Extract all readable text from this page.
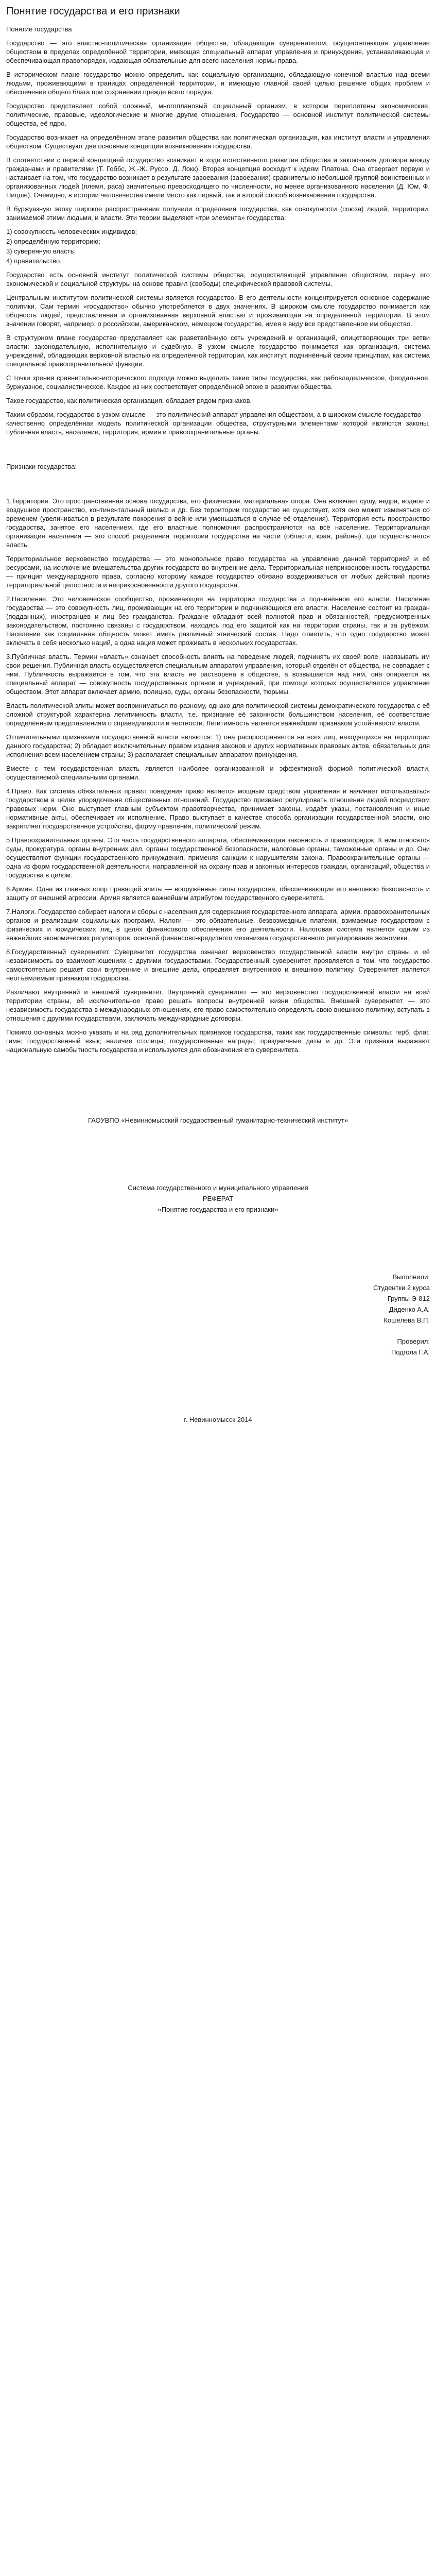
Понятие государства и его признаки

Понятие государства

Государство — это властно-политическая организация общества, обладающая суверенитетом, осуществляющая управление обществом в пределах определённой территории, имеющая специальный аппарат управления и принуждения, устанавливающая и обеспечивающая правопорядок, издающая обязательные для всего населения нормы права.

В историческом плане государство можно определить как социальную организацию, обладающую конечной властью над всеми людьми, проживающими в границах определённой территории, и имеющую главной своей целью решение общих проблем и обеспечение общего блага при сохранении прежде всего порядка.

Государство представляет собой сложный, многоплановый социальный организм, в котором переплетены экономические, политические, правовые, идеологические и многие другие отношения. Государство — основной институт политической системы общества, её ядро.

Государство возникает на определённом этапе развития общества как политическая организация, как институт власти и управления обществом. Существуют две основные концепции возникновения государства.

В соответствии с первой концепцией государство возникает в ходе естественного развития общества и заключения договора между гражданами и правителями (Т. Гоббс, Ж.-Ж. Руссо, Д. Локк). Вторая концепция восходит к идеям Платона. Она отвергает первую и настаивает на том, что государство возникает в результате завоевания (завоевания) сравнительно небольшой группой воинственных и организованных людей (племя, раса) значительно превосходящего по численности, но менее организованного населения (Д. Юм, Ф. Ницше). Очевидно, в истории человечества имели место как первый, так и второй способ возникновения государства.

В буржуазную эпоху широкое распространение получили определения государства, как совокупности (союза) людей, территории, занимаемой этими людьми, и власти. Эти теории выделяют «три элемента» государства:

1) совокупность человеческих индивидов;

2) определённую территорию;

3) суверенную власть;

4) правительство.

Государство есть основной институт политической системы общества, осуществляющий управление обществом, охрану его экономической и социальной структуры на основе правил (свободы) специфической правовой системы.

Центральным институтом политической системы является государство. В его деятельности концентрируется основное содержание политики. Сам термин «государство» обычно употребляется в двух значениях. В широком смысле государство понимается как общность людей, представленная и организованная верховной властью и проживающая на определённой территории. В этом значении говорят, например, о российском, американском, немецком государстве, имея в виду все представленное им общество.

В структурном плане государство представляет как разветвлённую сеть учреждений и организаций, олицетворяющих три ветви власти: законодательную, исполнительную и судебную. В узком смысле государство понимается как организация, система учреждений, обладающих верховной властью на определённой территории, как институт, подчинённый своим принципам, как система специальной правоохранительной функции.

С точки зрения сравнительно-исторического подхода можно выделить такие типы государства, как рабовладельческое, феодальное, буржуазное, социалистическое. Каждое из них соответствует определённой эпохе в развитии общества.

Такое государство, как политическая организация, обладает рядом признаков.

Таким образом, государство в узком смысле — это политический аппарат управления обществом, а в широком смысле государство — качественно определённая модель политической организации общества, структурными элементами которой являются законы, публичная власть, население, территория, армия и правоохранительные органы.

Признаки государства:

1.Территория. Это пространственная основа государства, его физическая, материальная опора. Она включает сушу, недра, водное и воздушное пространство, континентальный шельф и др. Без территории государство не существует, хотя оно может изменяться со временем (увеличиваться в результате покорения в войне или уменьшаться в случае её отделения). Территория есть пространство государства, занятое его населением, где его властные полномочия распространяются на всё население. Территориальная организация населения — это способ разделения территории государства на части (области, края, районы), где осуществляется власть.

Территориальное верховенство государства — это монопольное право государства на управление данной территорией и её ресурсами, на исключение вмешательства других государств во внутренние дела. Территориальная неприкосновенность государства — принцип международного права, согласно которому каждое государство обязано воздерживаться от любых действий против территориальной целостности и неприкосновенности другого государства.

2.Население. Это человеческое сообщество, проживающее на территории государства и подчинённое его власти. Население государства — это совокупность лиц, проживающих на его территории и подчиняющихся его власти. Население состоит из граждан (подданных), иностранцев и лиц без гражданства. Граждане обладают всей полнотой прав и обязанностей, предусмотренных законодательством, постоянно связаны с государством, находясь под его защитой как на территории страны, так и за рубежом. Население как социальная общность может иметь различный этнический состав. Надо отметить, что одно государство может включать в себя несколько наций, а одна нация может проживать в нескольких государствах.

3.Публичная власть. Термин «власть» означает способность влиять на поведение людей, подчинять их своей воле, навязывать им свои решения. Публичная власть осуществляется специальным аппаратом управления, который отделён от общества, не совпадает с ним. Публичность выражается в том, что эта власть не растворена в обществе, а возвышается над ним, она опирается на специальный аппарат — совокупность государственных органов и учреждений, при помощи которых осуществляется управление обществом. Этот аппарат включает армию, полицию, суды, органы безопасности, тюрьмы.

Власть политической элиты может восприниматься по-разному, однако для политической системы демократического государства с её сложной структурой характерна легитимность власти, т.е. признание её законности большинством населения, её соответствие определённым представлениям о справедливости и честности. Легитимность является важнейшим признаком устойчивости власти.

Отличительными признаками государственной власти являются: 1) она распространяется на всех лиц, находящихся на территории данного государства; 2) обладает исключительным правом издания законов и других нормативных правовых актов, обязательных для исполнения всем населением страны; 3) располагает специальным аппаратом принуждения.

Вместе с тем государственная власть является наиболее организованной и эффективной формой политической власти, осуществляемой специальными органами.

4.Право. Как система обязательных правил поведения право является мощным средством управления и начинает использоваться государством в целях упорядочения общественных отношений. Государство призвано регулировать отношения людей посредством правовых норм. Оно выступает главным субъектом правотворчества, принимает законы, издаёт указы, постановления и иные нормативные акты, обеспечивает их исполнение. Право выступает в качестве способа организации государственной власти, оно закрепляет государственное устройство, форму правления, политический режим.

5.Правоохранительные органы. Это часть государственного аппарата, обеспечивающая законность и правопорядок. К ним относятся суды, прокуратура, органы внутренних дел, органы государственной безопасности, налоговые органы, таможенные органы и др. Они осуществляют функции государственного принуждения, применяя санкции к нарушителям закона. Правоохранительные органы — одна из форм государственной деятельности, направленной на охрану прав и законных интересов граждан, организаций, общества и государства в целом.

6.Армия. Одна из главных опор правящей элиты — вооружённые силы государства, обеспечивающие его внешнюю безопасность и защиту от внешней агрессии. Армия является важнейшим атрибутом государственного суверенитета.

7.Налоги. Государство собирает налоги и сборы с населения для содержания государственного аппарата, армии, правоохранительных органов и реализации социальных программ. Налоги — это обязательные, безвозмездные платежи, взимаемые государством с физических и юридических лиц в целях финансового обеспечения его деятельности. Налоговая система является одним из важнейших экономических регуляторов, основой финансово-кредитного механизма государственного регулирования экономики.

8.Государственный суверенитет. Суверенитет государства означает верховенство государственной власти внутри страны и её независимость во взаимоотношениях с другими государствами. Государственный суверенитет проявляется в том, что государство самостоятельно решает свои внутренние и внешние дела, определяет внутреннюю и внешнюю политику. Суверенитет является неотъемлемым признаком государства.

Различают внутренний и внешний суверенитет. Внутренний суверенитет — это верховенство государственной власти на всей территории страны, её исключительное право решать вопросы внутренней жизни общества. Внешний суверенитет — это независимость государства в международных отношениях, его право самостоятельно определять свою внешнюю политику, вступать в отношения с другими государствами, заключать международные договоры.

Помимо основных можно указать и на ряд дополнительных признаков государства, таких как государственные символы: герб, флаг, гимн; государственный язык; наличие столицы; государственные награды; праздничные даты и др. Эти признаки выражают национальную самобытность государства и используются для обозначения его суверенитета.

ГАОУВПО «Невинномысский государственный гуманитарно-технический институт»

Система государственного и муниципального управления

РЕФЕРАТ

«Понятие государства и его признаки»

Выполнили:

Студентки 2 курса

Группы Э-812

Диденко А.А.

Кошелева В.П.

Проверил:

Подгола Г.А.

г. Невинномысск 2014
